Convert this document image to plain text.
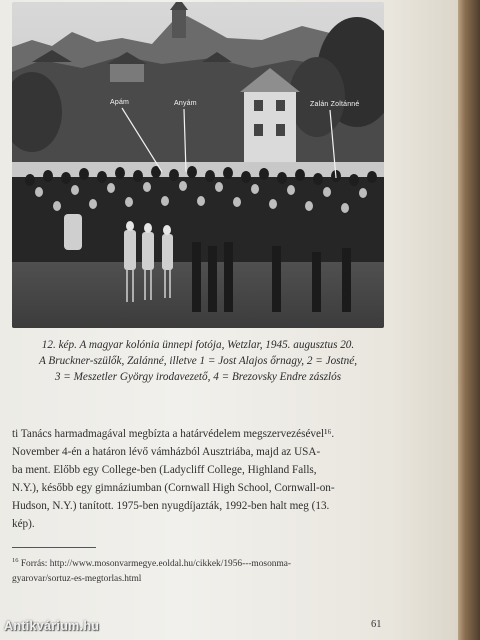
Apám	Anyám	Zalán Zoltánné
12. kép. A magyar kolónia ünnepi fotója, Wetzlar, 1945. augusztus 20.
A Bruckner-szülők, Zalánné, illetve 1 = Jost Alajos őrnagy, 2 = Jostné,
3 = Meszetler György irodavezető, 4 = Brezovsky Endre zászlós
ti Tanács harmadmagával megbízta a határvédelem megszervezésével¹⁶.
November 4-én a határon lévő vámházból Ausztriába, majd az USA-
ba ment. Előbb egy College-ben (Ladycliff College, Highland Falls,
N.Y.), később egy gimnáziumban (Cornwall High School, Cornwall-on-
Hudson, N.Y.) tanított. 1975-ben nyugdíjazták, 1992-ben halt meg (13.
kép).
$^{16}$ Forrás: http://www.mosonvarmegye.eoldal.hu/cikkek/1956---mosonma-
gyarovar/sortuz-es-megtorlas.html
61
Antikvárium.hu
